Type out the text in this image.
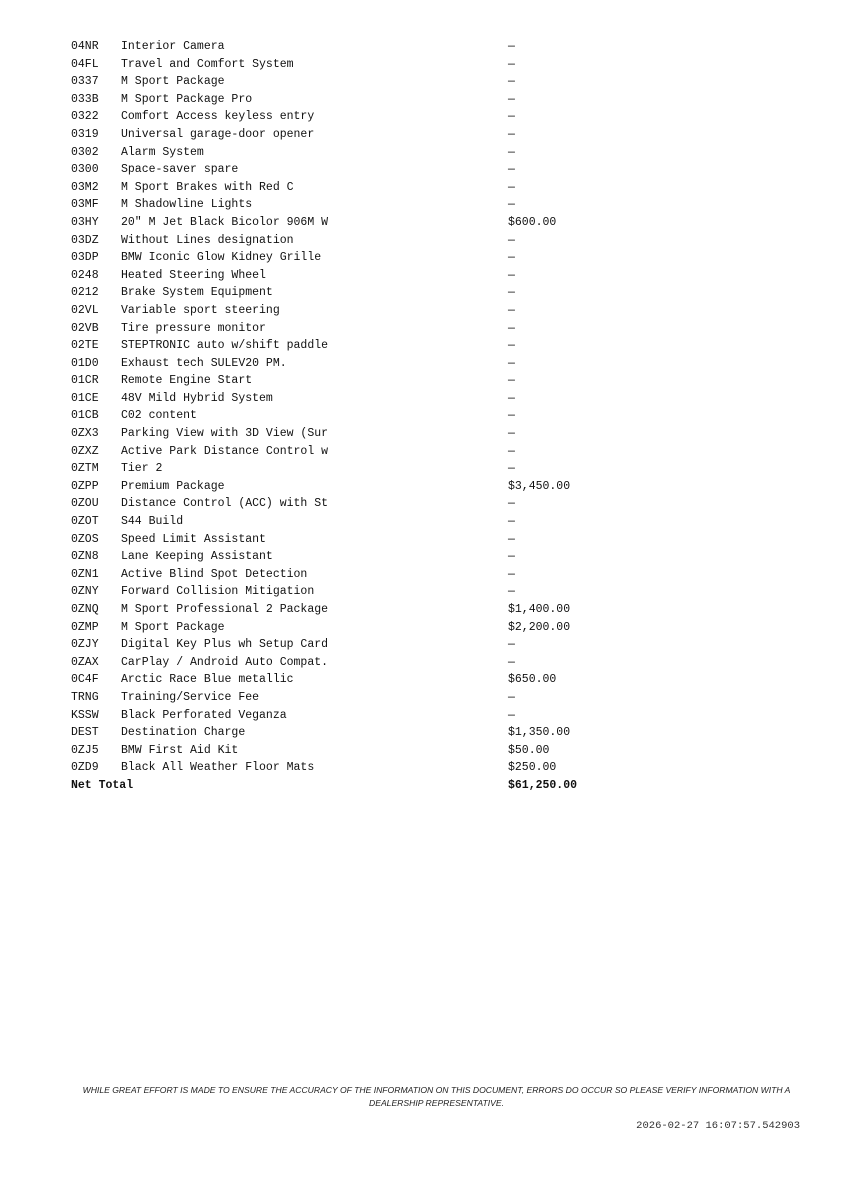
04NR Interior Camera	—
04FL Travel and Comfort System	—
0337 M Sport Package	—
033B M Sport Package Pro	—
0322 Comfort Access keyless entry	—
0319 Universal garage-door opener	—
0302 Alarm System	—
0300 Space-saver spare	—
03M2 M Sport Brakes with Red C	—
03MF M Shadowline Lights	—
03HY 20" M Jet Black Bicolor 906M W	$600.00
03DZ Without Lines designation	—
03DP BMW Iconic Glow Kidney Grille	—
0248 Heated Steering Wheel	—
0212 Brake System Equipment	—
02VL Variable sport steering	—
02VB Tire pressure monitor	—
02TE STEPTRONIC auto w/shift paddle	—
01D0 Exhaust tech SULEV20 PM.	—
01CR Remote Engine Start	—
01CE 48V Mild Hybrid System	—
01CB C02 content	—
0ZX3 Parking View with 3D View (Sur	—
0ZXZ Active Park Distance Control w	—
0ZTM Tier 2	—
0ZPP Premium Package	$3,450.00
0ZOU Distance Control (ACC) with St	—
0ZOT S44 Build	—
0ZOS Speed Limit Assistant	—
0ZN8 Lane Keeping Assistant	—
0ZN1 Active Blind Spot Detection	—
0ZNY Forward Collision Mitigation	—
0ZNQ M Sport Professional 2 Package	$1,400.00
0ZMP M Sport Package	$2,200.00
0ZJY Digital Key Plus wh Setup Card	—
0ZAX CarPlay / Android Auto Compat.	—
0C4F Arctic Race Blue metallic	$650.00
TRNG Training/Service Fee	—
KSSW Black Perforated Veganza	—
DEST Destination Charge	$1,350.00
0ZJ5 BMW First Aid Kit	$50.00
0ZD9 Black All Weather Floor Mats	$250.00
Net Total	$61,250.00
WHILE GREAT EFFORT IS MADE TO ENSURE THE ACCURACY OF THE INFORMATION ON THIS DOCUMENT, ERRORS DO OCCUR SO PLEASE VERIFY INFORMATION WITH A DEALERSHIP REPRESENTATIVE.
2026-02-27 16:07:57.542903
